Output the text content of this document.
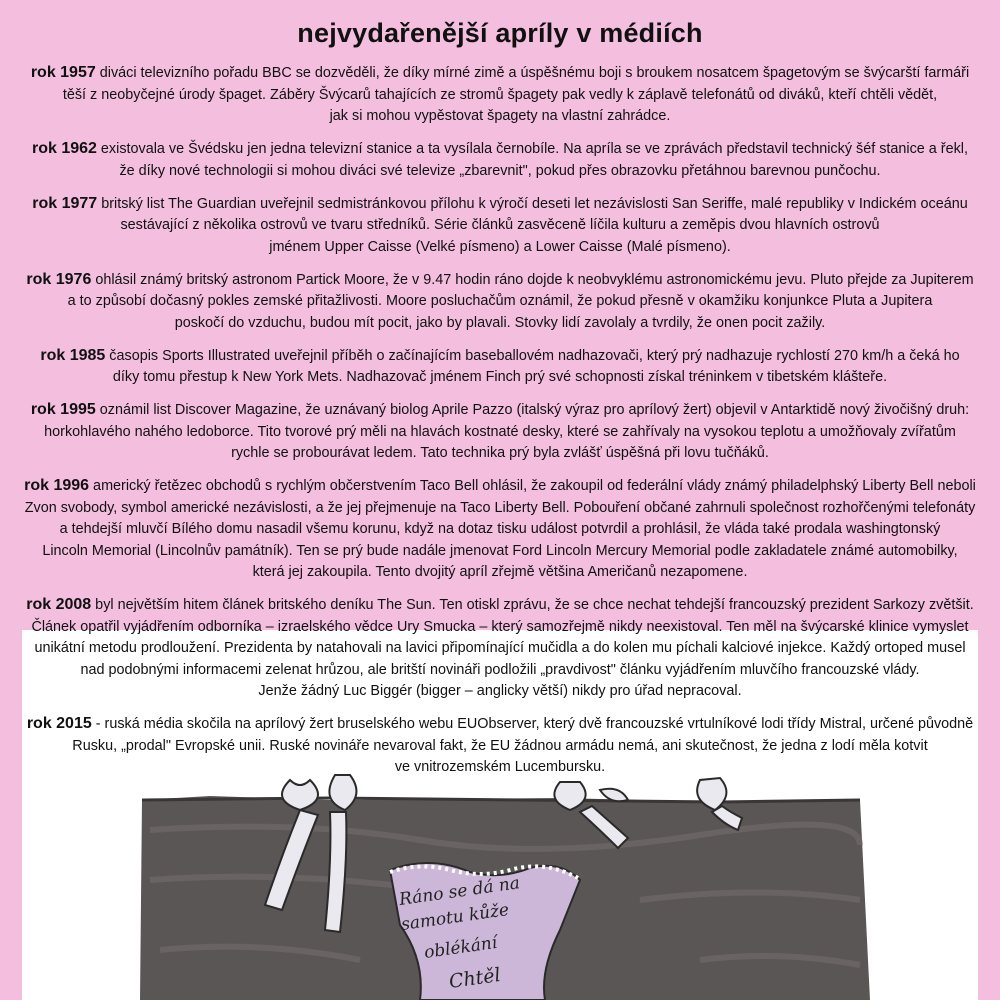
nejvydařenější apríly v médiích

rok 1957 diváci televizního pořadu BBC se dozvěděli, že díky mírné zimě a úspěšnému boji s broukem nosatcem špagetovým se švýcarští farmáři
těší z neobyčejné úrody špaget. Záběry Švýcarů tahajících ze stromů špagety pak vedly k záplavě telefonátů od diváků, kteří chtěli vědět,
jak si mohou vypěstovat špagety na vlastní zahrádce.

rok 1962 existovala ve Švédsku jen jedna televizní stanice a ta vysílala černobíle. Na apríla se ve zprávách představil technický šéf stanice a řekl,
že díky nové technologii si mohou diváci své televize „zbarevnit", pokud přes obrazovku přetáhnou barevnou punčochu.

rok 1977 britský list The Guardian uveřejnil sedmistránkovou přílohu k výročí deseti let nezávislosti San Seriffe, malé republiky v Indickém oceánu
sestávající z několika ostrovů ve tvaru středníků. Série článků zasvěceně líčila kulturu a zeměpis dvou hlavních ostrovů
jménem Upper Caisse (Velké písmeno) a Lower Caisse (Malé písmeno).

rok 1976 ohlásil známý britský astronom Partick Moore, že v 9.47 hodin ráno dojde k neobvyklému astronomickému jevu. Pluto přejde za Jupiterem
a to způsobí dočasný pokles zemské přitažlivosti. Moore posluchačům oznámil, že pokud přesně v okamžiku konjunkce Pluta a Jupitera
poskočí do vzduchu, budou mít pocit, jako by plavali. Stovky lidí zavolaly a tvrdily, že onen pocit zažily.

rok 1985 časopis Sports Illustrated uveřejnil příběh o začínajícím baseballovém nadhazovači, který prý nadhazuje rychlostí 270 km/h a čeká ho
díky tomu přestup k New York Mets. Nadhazovač jménem Finch prý své schopnosti získal tréninkem v tibetském klášteře.

rok 1995 oznámil list Discover Magazine, že uznávaný biolog Aprile Pazzo (italský výraz pro aprílový žert) objevil v Antarktidě nový živočišný druh:
horkohlavého nahého ledoborce. Tito tvorové prý měli na hlavách kostnaté desky, které se zahřívaly na vysokou teplotu a umožňovaly zvířatům
rychle se probourávat ledem. Tato technika prý byla zvlášť úspěšná při lovu tučňáků.

rok 1996 americký řetězec obchodů s rychlým občerstvením Taco Bell ohlásil, že zakoupil od federální vlády známý philadelphský Liberty Bell neboli
Zvon svobody, symbol americké nezávislosti, a že jej přejmenuje na Taco Liberty Bell. Pobouření občané zahrnuli společnost rozhořčenými telefonáty
a tehdejší mluvčí Bílého domu nasadil všemu korunu, když na dotaz tisku událost potvrdil a prohlásil, že vláda také prodala washingtonský
Lincoln Memorial (Lincolnův památník). Ten se prý bude nadále jmenovat Ford Lincoln Mercury Memorial podle zakladatele známé automobilky,
která jej zakoupila. Tento dvojitý apríl zřejmě většina Američanů nezapomene.

rok 2008 byl největším hitem článek britského deníku The Sun. Ten otiskl zprávu, že se chce nechat tehdejší francouzský prezident Sarkozy zvětšit.
Článek opatřil vyjádřením odborníka – izraelského vědce Ury Smucka – který samozřejmě nikdy neexistoval. Ten měl na švýcarské klinice vymyslet
unikátní metodu prodloužení. Prezidenta by natahovali na lavici připomínající mučidla a do kolen mu píchali kalciové injekce. Každý ortoped musel
nad podobnými informacemi zelenat hrůzou, ale britští novináři podložili „pravdivost" článku vyjádřením mluvčího francouzské vlády.
Jenže žádný Luc Biggér (bigger – anglicky větší) nikdy pro úřad nepracoval.

rok 2015 - ruská média skočila na aprílový žert bruselského webu EUObserver, který dvě francouzské vrtulníkové lodi třídy Mistral, určené původně
Rusku, „prodal" Evropské unii. Ruské novináře nevaroval fakt, že EU žádnou armádu nemá, ani skutečnost, že jedna z lodí měla kotvit
ve vnitrozemském Lucembursku.

Ráno se dá na
samotu kůže
oblékání
Chtěl
